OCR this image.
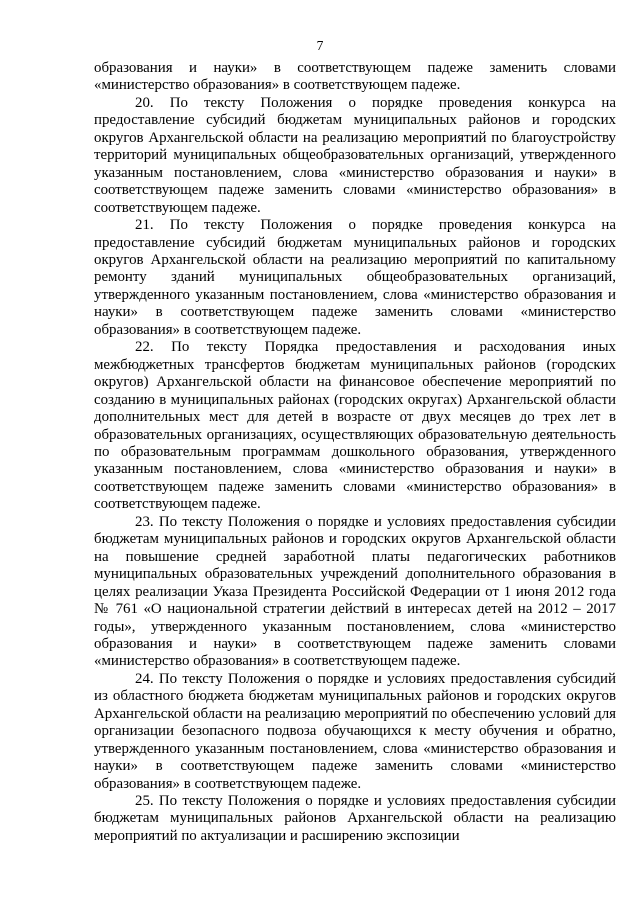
7

образования и науки» в соответствующем падеже заменить словами «министерство образования» в соответствующем падеже.

20. По тексту Положения о порядке проведения конкурса на предоставление субсидий бюджетам муниципальных районов и городских округов Архангельской области на реализацию мероприятий по благоустройству территорий муниципальных общеобразовательных организаций, утвержденного указанным постановлением, слова «министерство образования и науки» в соответствующем падеже заменить словами «министерство образования» в соответствующем падеже.

21. По тексту Положения о порядке проведения конкурса на предоставление субсидий бюджетам муниципальных районов и городских округов Архангельской области на реализацию мероприятий по капитальному ремонту зданий муниципальных общеобразовательных организаций, утвержденного указанным постановлением, слова «министерство образования и науки» в соответствующем падеже заменить словами «министерство образования» в соответствующем падеже.

22. По тексту Порядка предоставления и расходования иных межбюджетных трансфертов бюджетам муниципальных районов (городских округов) Архангельской области на финансовое обеспечение мероприятий по созданию в муниципальных районах (городских округах) Архангельской области дополнительных мест для детей в возрасте от двух месяцев до трех лет в образовательных организациях, осуществляющих образовательную деятельность по образовательным программам дошкольного образования, утвержденного указанным постановлением, слова «министерство образования и науки» в соответствующем падеже заменить словами «министерство образования» в соответствующем падеже.

23. По тексту Положения о порядке и условиях предоставления субсидии бюджетам муниципальных районов и городских округов Архангельской области на повышение средней заработной платы педагогических работников муниципальных образовательных учреждений дополнительного образования в целях реализации Указа Президента Российской Федерации от 1 июня 2012 года № 761 «О национальной стратегии действий в интересах детей на 2012 – 2017 годы», утвержденного указанным постановлением, слова «министерство образования и науки» в соответствующем падеже заменить словами «министерство образования» в соответствующем падеже.

24. По тексту Положения о порядке и условиях предоставления субсидий из областного бюджета бюджетам муниципальных районов и городских округов Архангельской области на реализацию мероприятий по обеспечению условий для организации безопасного подвоза обучающихся к месту обучения и обратно, утвержденного указанным постановлением, слова «министерство образования и науки» в соответствующем падеже заменить словами «министерство образования» в соответствующем падеже.

25. По тексту Положения о порядке и условиях предоставления субсидии бюджетам муниципальных районов Архангельской области на реализацию мероприятий по актуализации и расширению экспозиции
